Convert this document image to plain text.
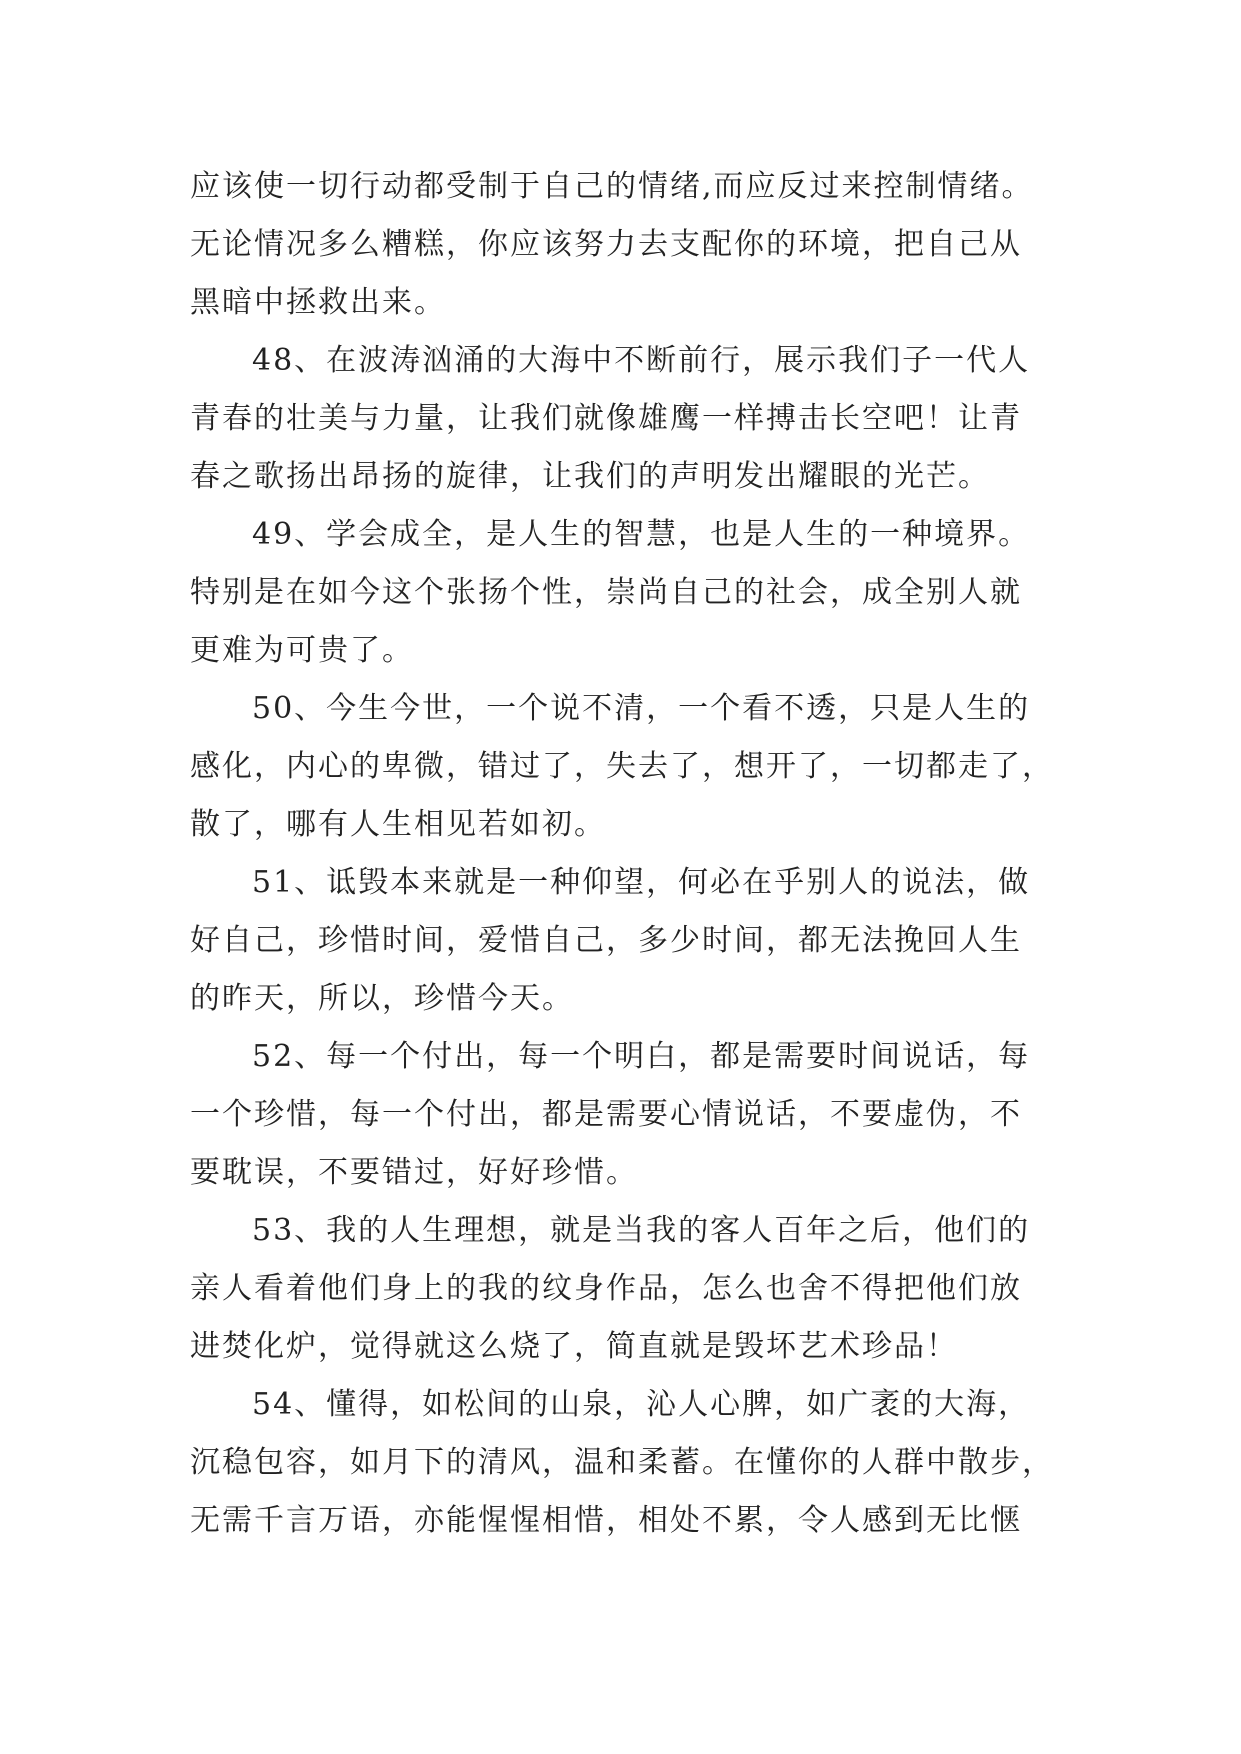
应该使一切行动都受制于自己的情绪,而应反过来控制情绪。
无论情况多么糟糕，你应该努力去支配你的环境，把自己从
黑暗中拯救出来。
48、在波涛汹涌的大海中不断前行，展示我们子一代人
青春的壮美与力量，让我们就像雄鹰一样搏击长空吧！让青
春之歌扬出昂扬的旋律，让我们的声明发出耀眼的光芒。
49、学会成全，是人生的智慧，也是人生的一种境界。
特别是在如今这个张扬个性，崇尚自己的社会，成全别人就
更难为可贵了。
50、今生今世，一个说不清，一个看不透，只是人生的
感化，内心的卑微，错过了，失去了，想开了，一切都走了，
散了，哪有人生相见若如初。
51、诋毁本来就是一种仰望，何必在乎别人的说法，做
好自己，珍惜时间，爱惜自己，多少时间，都无法挽回人生
的昨天，所以，珍惜今天。
52、每一个付出，每一个明白，都是需要时间说话，每
一个珍惜，每一个付出，都是需要心情说话，不要虚伪，不
要耽误，不要错过，好好珍惜。
53、我的人生理想，就是当我的客人百年之后，他们的
亲人看着他们身上的我的纹身作品，怎么也舍不得把他们放
进焚化炉，觉得就这么烧了，简直就是毁坏艺术珍品！
54、懂得，如松间的山泉，沁人心脾，如广袤的大海，
沉稳包容，如月下的清风，温和柔蓄。在懂你的人群中散步，
无需千言万语，亦能惺惺相惜，相处不累，令人感到无比惬
